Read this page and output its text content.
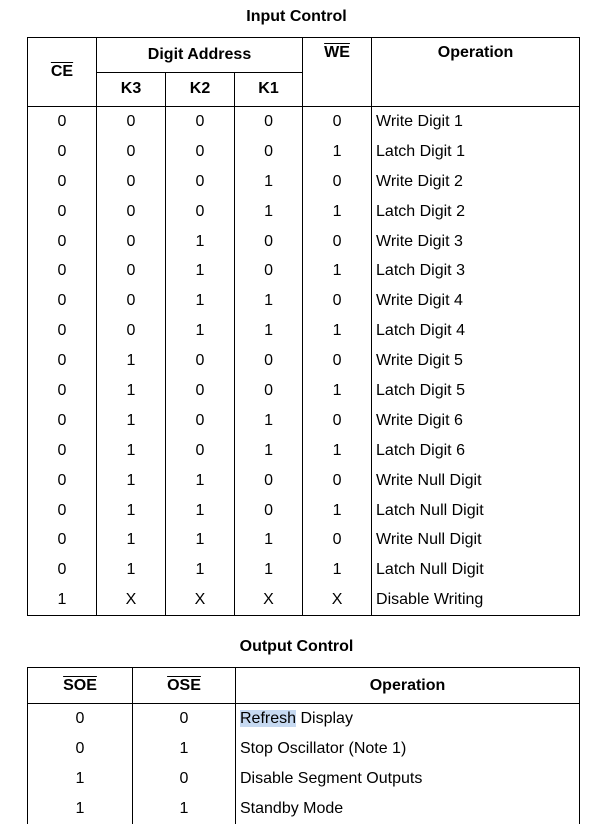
Input Control
$\overline{CE}$	Digit Address			$\overline{WE}$	Operation
	K3	K2	K1		
0	0	0	0	0	Write Digit 1
0	0	0	0	1	Latch Digit 1
0	0	0	1	0	Write Digit 2
0	0	0	1	1	Latch Digit 2
0	0	1	0	0	Write Digit 3
0	0	1	0	1	Latch Digit 3
0	0	1	1	0	Write Digit 4
0	0	1	1	1	Latch Digit 4
0	1	0	0	0	Write Digit 5
0	1	0	0	1	Latch Digit 5
0	1	0	1	0	Write Digit 6
0	1	0	1	1	Latch Digit 6
0	1	1	0	0	Write Null Digit
0	1	1	0	1	Latch Null Digit
0	1	1	1	0	Write Null Digit
0	1	1	1	1	Latch Null Digit
1	X	X	X	X	Disable Writing
Output Control
$\overline{SOE}$	$\overline{OSE}$	Operation
0	0	Refresh Display
0	1	Stop Oscillator (Note 1)
1	0	Disable Segment Outputs
1	1	Standby Mode
